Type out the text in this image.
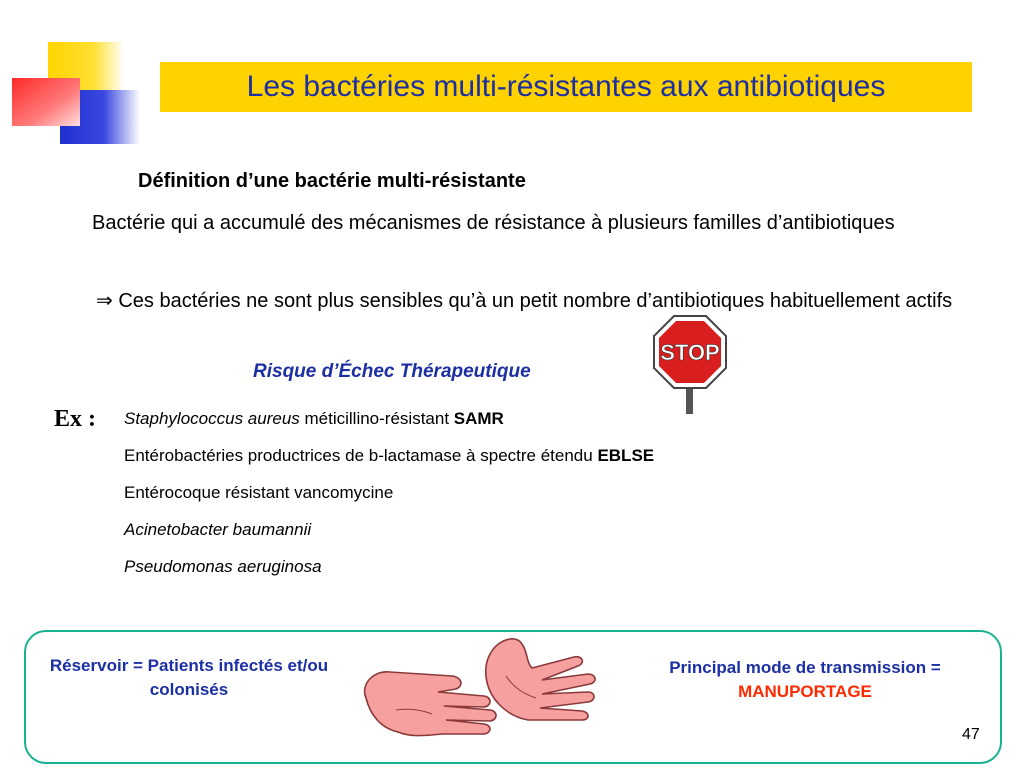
Les bactéries multi-résistantes aux antibiotiques
Définition d’une bactérie multi-résistante
Bactérie qui a accumulé des mécanismes de résistance à plusieurs familles d’antibiotiques
⇒ Ces bactéries ne sont plus sensibles qu’à un petit nombre d’antibiotiques habituellement actifs
Risque d’Échec Thérapeutique
STOP
Ex : Staphylococcus aureus méticillino-résistant SAMR
Entérobactéries productrices de b-lactamase à spectre étendu EBLSE
Entérocoque résistant vancomycine
Acinetobacter baumannii
Pseudomonas aeruginosa
Réservoir = Patients infectés et/ou colonisés
Principal mode de transmission =
MANUPORTAGE
47
